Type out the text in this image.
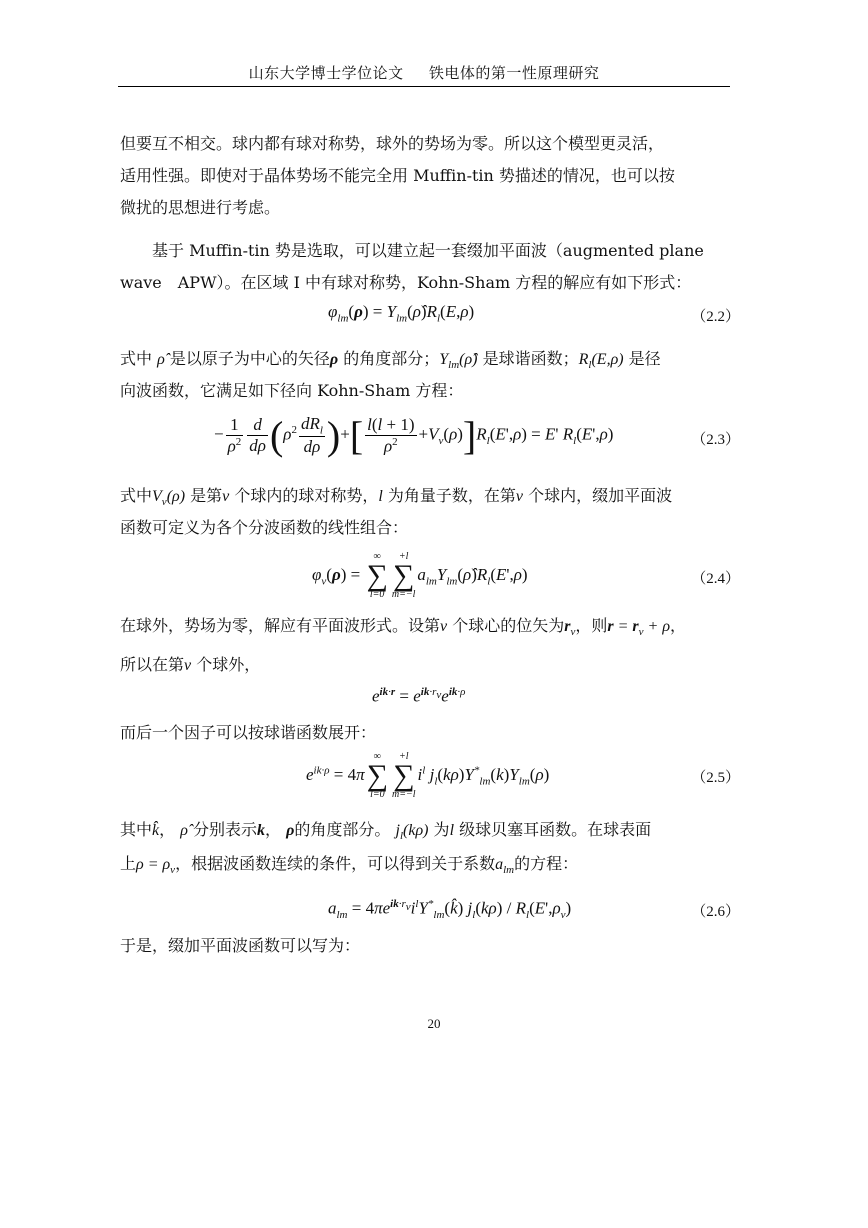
山东大学博士学位论文 铁电体的第一性原理研究
但要互不相交。球内都有球对称势，球外的势场为零。所以这个模型更灵活，
适用性强。即使对于晶体势场不能完全用 Muffin-tin 势描述的情况，也可以按
微扰的思想进行考虑。
基于 Muffin-tin 势是选取，可以建立起一套缀加平面波（augmented plane
wave　APW）。在区域 I 中有球对称势，Kohn-Sham 方程的解应有如下形式：
$\varphi_{lm}(\rho)$ = $Y_{lm}(\rhô)R_l(E,\rho)$	（2.2）
式中 ρ̂ 是以原子为中心的矢径ρ 的角度部分；$Y_{lm}(\rhô)$ 是球谐函数；$R_l(E,\rho)$ 是径
向波函数，它满足如下径向 Kohn-Sham 方程：
− $\frac{1}{\rho^2} \frac{d}{d\rho} (\rho^2 \frac{dR_l}{d\rho}$ )+[ $\frac{l(l + 1)}{\rho^2} +V_\nu(\rho)]R_l(E',\rho) = E'$ $R_l(E',\rho)$	（2.3）
式中$V_\nu(\rho)$ 是第ν 个球内的球对称势，l 为角量子数，在第ν 个球内，缀加平面波
函数可定义为各个分波函数的线性组合：
$\varphi_\nu(\rho)$ =
∞
∑
l=0
+l
∑
m=−l
$a_{lm}Y_{lm}(\rhô)R_l(E',\rho)$	（2.4）
在球外，势场为零，解应有平面波形式。设第ν 个球心的位矢为$r_\nu$，则$r = r_\nu + \rho$，
所以在第ν 个球外，
$e^{ik\cdot r} = e^{ik\cdot r_\nu}e^{ik\cdot\rho}$
而后一个因子可以按球谐函数展开：
$e^{ik\cdot\rho} = 4\pi$
∞
∑
l=0
+l
∑
m=−l
$i^l$ $j_l(k\rho)Y^*_{lm}(k)Y_{lm}(\rho)$	（2.5）
其中k̂， ρ̂ 分别表示k， ρ的角度部分。 $j_l(k\rho)$ 为l 级球贝塞耳函数。在球表面
上$\rho = \rho_\nu$，根据波函数连续的条件，可以得到关于系数$a_{lm}$的方程：
$a_{lm}$ = $4\pi e^{ik\cdot r_\nu}i^lY^*_{lm}(k̂)$ $j_l(k\rho) / R_l(E',\rho_\nu)$	（2.6）
于是，缀加平面波函数可以写为：
20
